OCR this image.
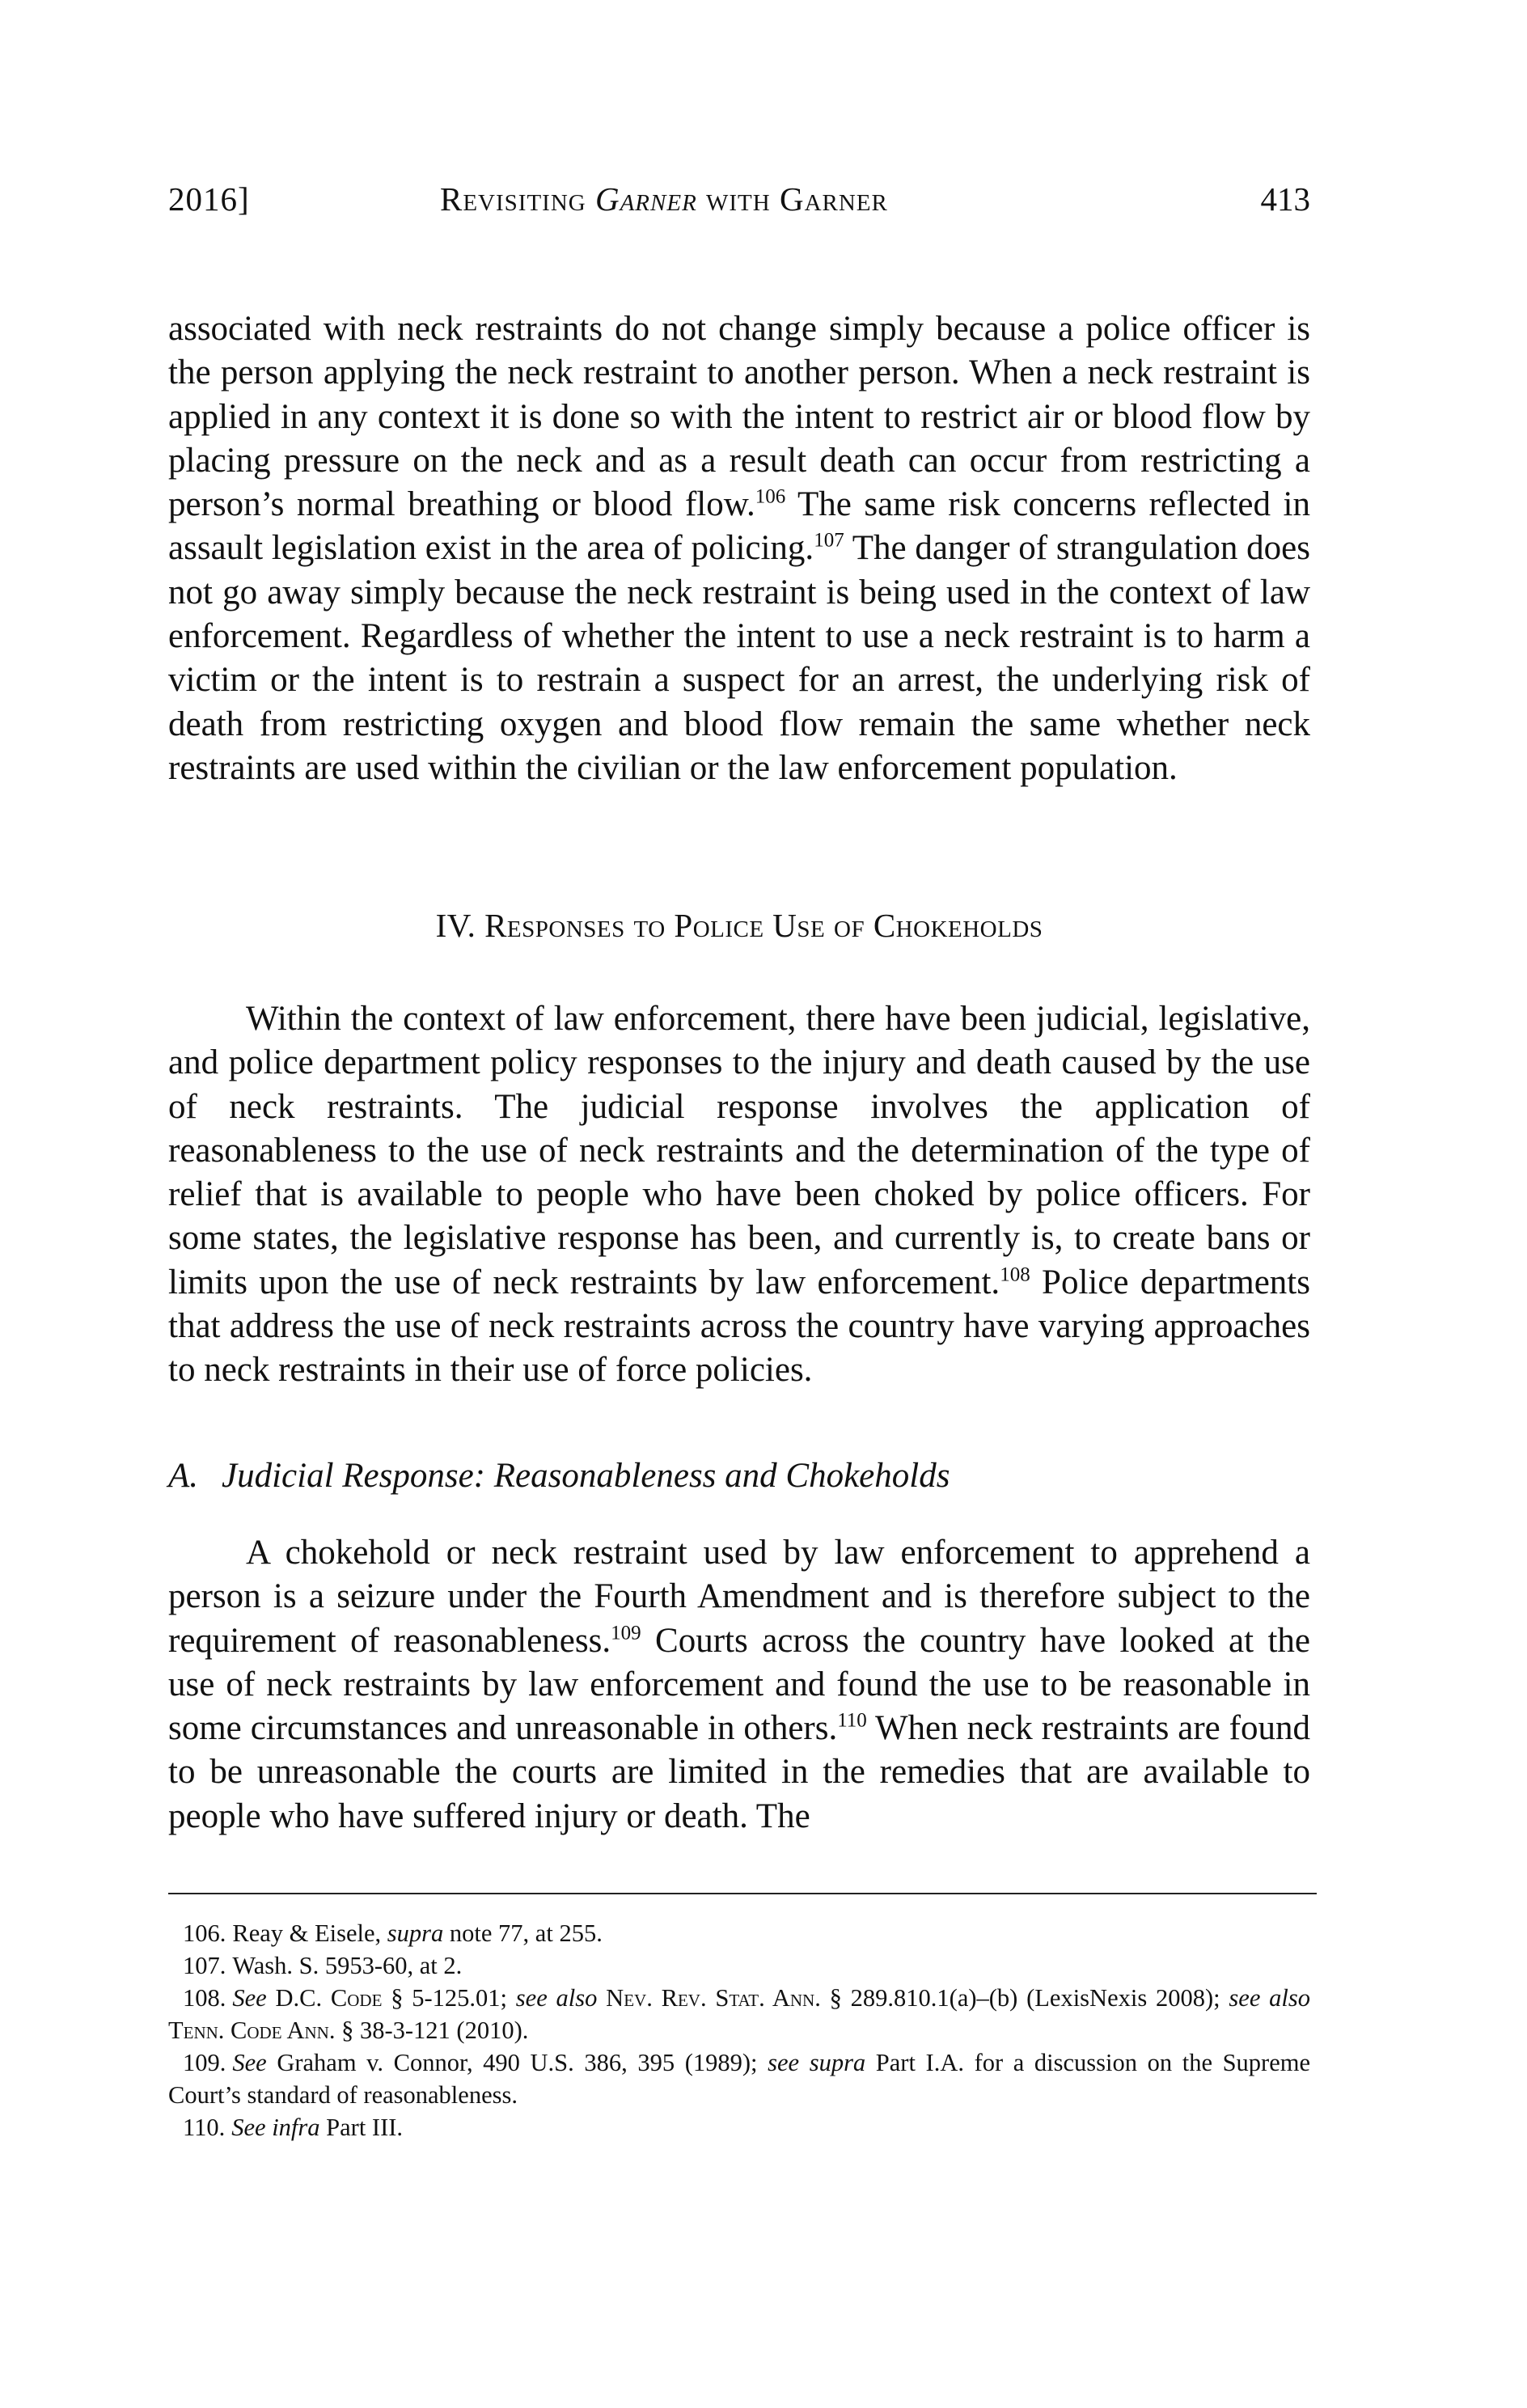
2016]	Revisiting Garner with Garner	413
associated with neck restraints do not change simply because a police officer is the person applying the neck restraint to another person. When a neck restraint is applied in any context it is done so with the intent to restrict air or blood flow by placing pressure on the neck and as a result death can occur from restricting a person’s normal breathing or blood flow.$^{106}$ The same risk concerns reflected in assault legislation exist in the area of policing.$^{107}$ The danger of strangulation does not go away simply because the neck restraint is being used in the context of law enforcement. Regardless of whether the intent to use a neck restraint is to harm a victim or the intent is to restrain a suspect for an arrest, the underlying risk of death from restricting oxygen and blood flow remain the same whether neck restraints are used within the civilian or the law enforcement population.
IV. Responses to Police Use of Chokeholds
Within the context of law enforcement, there have been judicial, legislative, and police department policy responses to the injury and death caused by the use of neck restraints. The judicial response involves the application of reasonableness to the use of neck restraints and the determination of the type of relief that is available to people who have been choked by police officers. For some states, the legislative response has been, and currently is, to create bans or limits upon the use of neck restraints by law enforcement.$^{108}$ Police departments that address the use of neck restraints across the country have varying approaches to neck restraints in their use of force policies.
A. Judicial Response: Reasonableness and Chokeholds
A chokehold or neck restraint used by law enforcement to apprehend a person is a seizure under the Fourth Amendment and is therefore subject to the requirement of reasonableness.$^{109}$ Courts across the country have looked at the use of neck restraints by law enforcement and found the use to be reasonable in some circumstances and unreasonable in others.$^{110}$ When neck restraints are found to be unreasonable the courts are limited in the remedies that are available to people who have suffered injury or death. The
106. Reay & Eisele, supra note 77, at 255.
107. Wash. S. 5953-60, at 2.
108. See D.C. Code § 5-125.01; see also Nev. Rev. Stat. Ann. § 289.810.1(a)–(b) (LexisNexis 2008); see also Tenn. Code Ann. § 38-3-121 (2010).
109. See Graham v. Connor, 490 U.S. 386, 395 (1989); see supra Part I.A. for a discussion on the Supreme Court’s standard of reasonableness.
110. See infra Part III.
